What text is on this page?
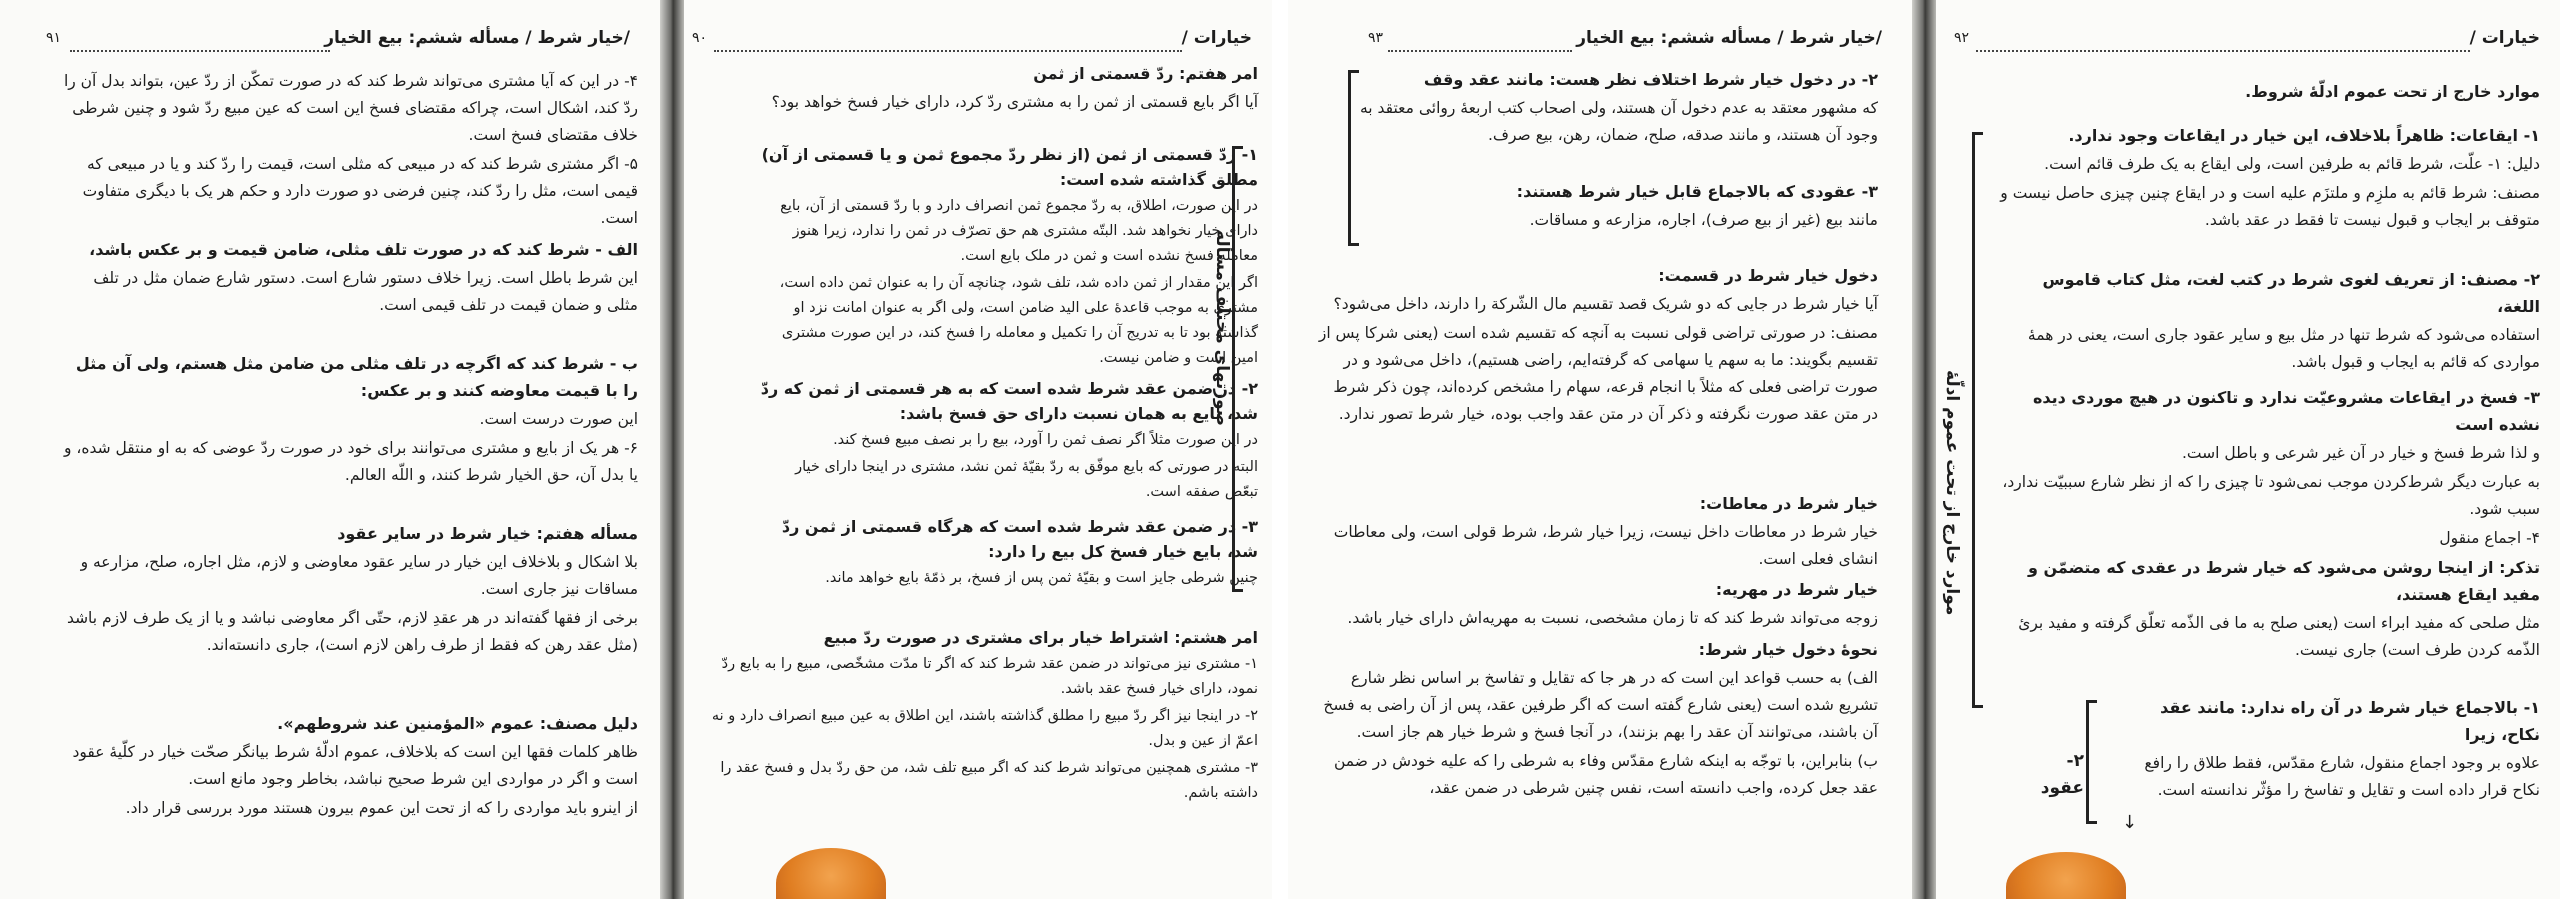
/خیار شرط / مسأله ششم: بیع الخیار
۹۱

۴- در این که آیا مشتری می‌تواند شرط کند که در صورت تمکّن از ردّ عین، بتواند بدل آن را ردّ کند، اشکال است، چراکه مقتضای فسخ این است که عین مبیع ردّ شود و چنین شرطی خلاف مقتضای فسخ است.

۵- اگر مشتری شرط کند که در مبیعی که مثلی است، قیمت را ردّ کند و یا در مبیعی که قیمی است، مثل را ردّ کند، چنین فرضی دو صورت دارد و حکم هر یک با دیگری متفاوت است.

الف - شرط کند که در صورت تلف مثلی، ضامن قیمت و بر عکس باشد،

این شرط باطل است. زیرا خلاف دستور شارع است. دستور شارع ضمان مثل در تلف مثلی و ضمان قیمت در تلف قیمی است.

ب - شرط کند که اگرچه در تلف مثلی من ضامن مثل هستم، ولی آن مثل را با قیمت معاوضه کنند و بر عکس:

این صورت درست است.

۶- هر یک از بایع و مشتری می‌توانند برای خود در صورت ردّ عوضی که به او منتقل شده، و یا بدل آن، حق الخیار شرط کنند، و اللّه العالم.

مسأله هفتم: خیار شرط در سایر عقود

بلا اشکال و بلاخلاف این خیار در سایر عقود معاوضی و لازم، مثل اجاره، صلح، مزارعه و مساقات نیز جاری است.

برخی از فقها گفته‌اند در هر عقدِ لازم، حتّی اگر معاوضی نباشد و یا از یک طرف لازم باشد (مثل عقد رهن که فقط از طرف راهن لازم است)، جاری دانسته‌اند.

دلیل مصنف: عموم «المؤمنین عند شروطهم».

ظاهر کلمات فقها این است که بلاخلاف، عموم ادلّهٔ شرط بیانگر صحّت خیار در کلّیهٔ عقود است و اگر در مواردی این شرط صحیح نباشد، بخاطر وجود مانع است.

از اینرو باید مواردی را که از تحت این عموم بیرون هستند مورد بررسی قرار داد.

خیارات /
۹۰

امر هفتم: ردّ قسمتی از ثمن

آیا اگر بایع قسمتی از ثمن را به مشتری ردّ کرد، دارای خیار فسخ خواهد بود؟

۱- ردّ قسمتی از ثمن (از نظر ردّ مجموع ثمن و یا قسمتی از آن) مطلق گذاشته شده است:

در این صورت، اطلاق، به ردّ مجموع ثمن انصراف دارد و با ردّ قسمتی از آن، بایع دارای خیار نخواهد شد. البتّه مشتری هم حق تصرّف در ثمن را ندارد، زیرا هنوز معامله فسخ نشده است و ثمن در ملک بایع است.

اگر این مقدار از ثمن داده شد، تلف شود، چنانچه آن را به عنوان ثمن داده است، مشتری به موجب قاعدهٔ علی الید ضامن است، ولی اگر به عنوان امانت نزد او گذاشته بود تا به تدریج آن را تکمیل و معامله را فسخ کند، در این صورت مشتری امین است و ضامن نیست.

۲- در ضمن عقد شرط شده است که به هر قسمتی از ثمن که ردّ شد، بایع به همان نسبت دارای حق فسخ باشد:

در این صورت مثلاً اگر نصف ثمن را آورد، بیع را بر نصف مبیع فسخ کند.

البته در صورتی که بایع موفّق به ردّ بقیّهٔ ثمن نشد، مشتری در اینجا دارای خیار تبعّض صفقه است.

۳- در ضمن عقد شرط شده است که هرگاه قسمتی از ثمن ردّ شد، بایع خیار فسخ کل بیع را دارد:

چنین شرطی جایز است و بقیّهٔ ثمن پس از فسخ، بر ذمّهٔ بایع خواهد ماند.

صورتهای مختلف مسأله

امر هشتم: اشتراط خیار برای مشتری در صورت ردّ مبیع

۱- مشتری نیز می‌تواند در ضمن عقد شرط کند که اگر تا مدّت مشخّصی، مبیع را به بایع ردّ نمود، دارای خیار فسخ عقد باشد.

۲- در اینجا نیز اگر ردّ مبیع را مطلق گذاشته باشند، این اطلاق به عین مبیع انصراف دارد و نه اعمّ از عین و بدل.

۳- مشتری همچنین می‌تواند شرط کند که اگر مبیع تلف شد، من حق ردّ بدل و فسخ عقد را داشته باشم.

/خیار شرط / مسأله ششم: بیع الخیار
۹۳

۲- در دخول خیار شرط اختلاف نظر هست: مانند عقد وقف

که مشهور معتقد به عدم دخول آن هستند، ولی اصحاب کتب اربعهٔ روائی معتقد به وجود آن هستند، و مانند صدقه، صلح، ضمان، رهن، بیع صرف.

۳- عقودی که بالاجماع قابل خیار شرط هستند:

مانند بیع (غیر از بیع صرف)، اجاره، مزارعه و مساقات.

دخول خیار شرط در قسمت:

آیا خیار شرط در جایی که دو شریک قصد تقسیم مال الشّرکة را دارند، داخل می‌شود؟

مصنف: در صورتی تراضی قولی نسبت به آنچه که تقسیم شده است (یعنی شرکا پس از تقسیم بگویند: ما به سهم یا سهامی که گرفته‌ایم، راضی هستیم)، داخل می‌شود و در صورت تراضی فعلی که مثلاً با انجام قرعه، سهام را مشخص کرده‌اند، چون ذکر شرط در متن عقد صورت نگرفته و ذکر آن در متن عقد واجب بوده، خیار شرط تصور ندارد.

خیار شرط در معاطات:

خیار شرط در معاطات داخل نیست، زیرا خیار شرط، شرط قولی است، ولی معاطات انشای فعلی است.

خیار شرط در مهریه:

زوجه می‌تواند شرط کند که تا زمان مشخصی، نسبت به مهریه‌اش دارای خیار باشد.

نحوهٔ دخول خیار شرط:

الف) به حسب قواعد این است که در هر جا که تقایل و تفاسخ بر اساس نظر شارع تشریع شده است (یعنی شارع گفته است که اگر طرفین عقد، پس از آن راضی به فسخ آن باشند، می‌توانند آن عقد را بهم بزنند)، در آنجا فسخ و شرط خیار هم جاز است.

ب) بنابراین، با توجّه به اینکه شارع مقدّس وفاء به شرطی را که علیه خودش در ضمن عقد جعل کرده، واجب دانسته است، نفس چنین شرطی در ضمن عقد،

خیارات /
۹۲

موارد خارج از تحت عموم ادلّهٔ شروط.

موارد خارج از تحت عموم ادلّهٔ

۱- ایقاعات: ظاهراً بلاخلاف، این خیار در ایقاعات وجود ندارد.

دلیل: ۱- علّت، شرط قائم به طرفین است، ولی ایقاع به یک طرف قائم است.

مصنف: شرط قائم به ملزِم و ملتزَم علیه است و در ایقاع چنین چیزی حاصل نیست و متوقف بر ایجاب و قبول نیست تا فقط در عقد باشد.

۲- مصنف: از تعریف لغوی شرط در کتب لغت، مثل کتاب قاموس اللغة،

استفاده می‌شود که شرط تنها در مثل بیع و سایر عقود جاری است، یعنی در همهٔ مواردی که قائم به ایجاب و قبول باشد.

۳- فسخ در ایقاعات مشروعیّت ندارد و تاکنون در هیچ موردی دیده نشده است

و لذا شرط فسخ و خیار در آن غیر شرعی و باطل است.

به عبارت دیگر شرط‌کردن موجب نمی‌شود تا چیزی را که از نظر شارع سببیّت ندارد، سبب شود.

۴- اجماع منقول

تذکر: از اینجا روشن می‌شود که خیار شرط در عقدی که متضمّن و مفید ایقاع هستند،

مثل صلحی که مفید ابراء است (یعنی صلح به ما فی الذّمه تعلّق گرفته و مفید برئ الذّمه کردن طرف است) جاری نیست.

۲- عقود

۱- بالاجماع خیار شرط در آن راه ندارد: مانند عقد نکاح، زیرا

علاوه بر وجود اجماع منقول، شارع مقدّس، فقط طلاق را رافع نکاح قرار داده است و تقایل و تفاسخ را مؤثّر ندانسته است.

↓
